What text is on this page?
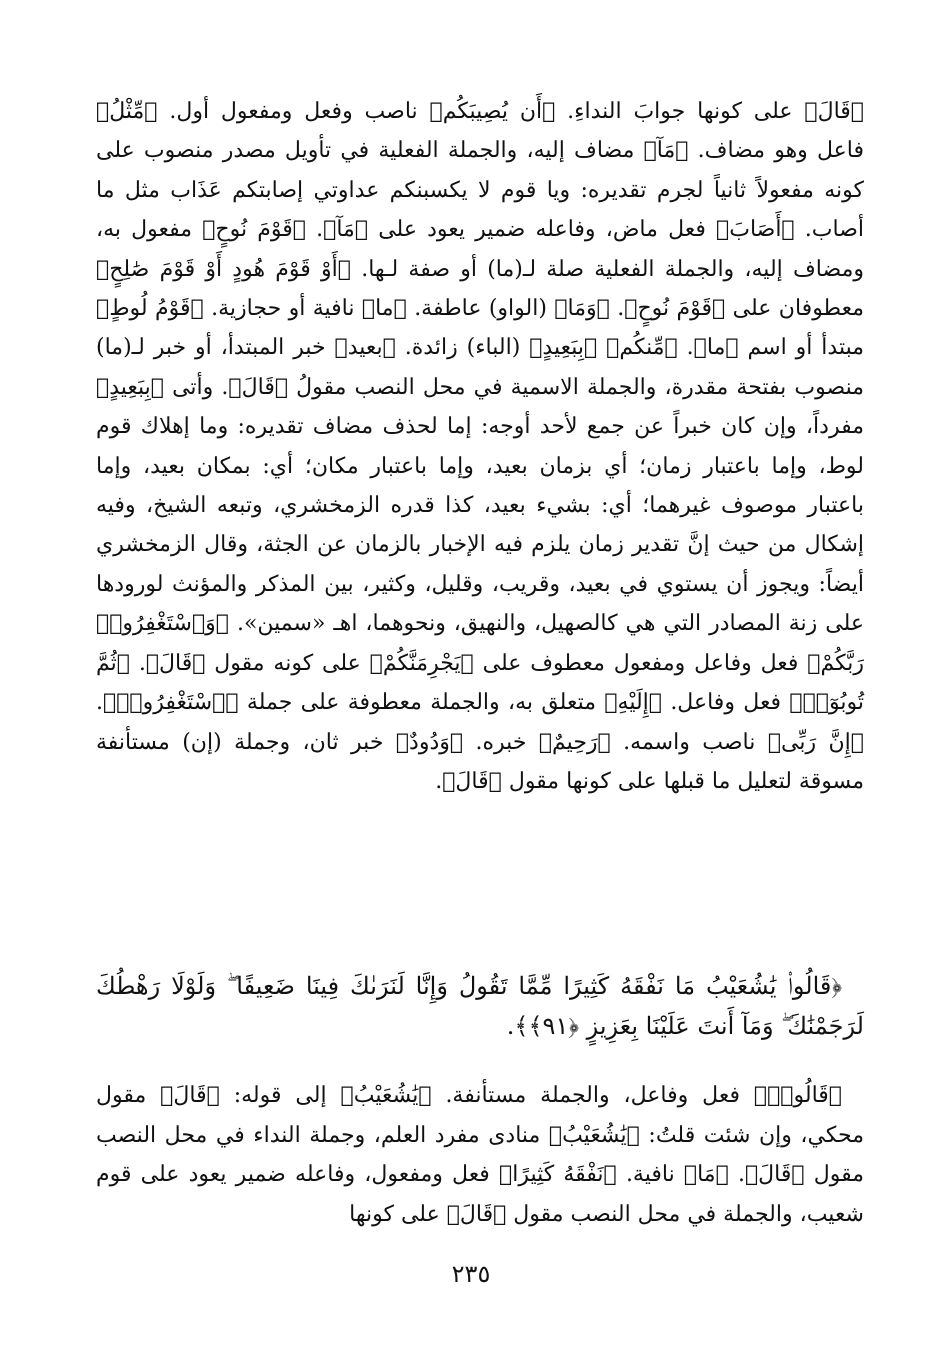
﴿قَالَ﴾ على كونها جوابَ النداءِ. ﴿أَن يُصِيبَكُم﴾ ناصب وفعل ومفعول أول. ﴿مِّثْلُ﴾ فاعل وهو مضاف. ﴿مَآ﴾ مضاف إليه، والجملة الفعلية في تأويل مصدر منصوب على كونه مفعولاً ثانياً لجرم تقديره: ويا قوم لا يكسبنكم عداوتي إصابتكم عَذَاب مثل ما أصاب. ﴿أَصَابَ﴾ فعل ماض، وفاعله ضمير يعود على ﴿مَآ﴾. ﴿قَوْمَ نُوحٍ﴾ مفعول به، ومضاف إليه، والجملة الفعلية صلة لـ(ما) أو صفة لـها. ﴿أَوْ قَوْمَ هُودٍ أَوْ قَوْمَ صَٰلِحٍ﴾ معطوفان على ﴿قَوْمَ نُوحٍ﴾. ﴿وَمَا﴾ (الواو) عاطفة. ﴿ما﴾ نافية أو حجازية. ﴿قَوْمُ لُوطٍ﴾ مبتدأ أو اسم ﴿ما﴾. ﴿مِّنكُم﴾ ﴿بِبَعِيدٍ﴾ (الباء) زائدة. ﴿بعيد﴾ خبر المبتدأ، أو خبر لـ(ما) منصوب بفتحة مقدرة، والجملة الاسمية في محل النصب مقولُ ﴿قَالَ﴾. وأتى ﴿بِبَعِيدٍ﴾ مفرداً، وإن كان خبراً عن جمع لأحد أوجه: إما لحذف مضاف تقديره: وما إهلاك قوم لوط، وإما باعتبار زمان؛ أي بزمان بعيد، وإما باعتبار مكان؛ أي: بمكان بعيد، وإما باعتبار موصوف غيرهما؛ أي: بشيء بعيد، كذا قدره الزمخشري، وتبعه الشيخ، وفيه إشكال من حيث إنَّ تقدير زمان يلزم فيه الإخبار بالزمان عن الجثة، وقال الزمخشري أيضاً: ويجوز أن يستوي في بعيد، وقريب، وقليل، وكثير، بين المذكر والمؤنث لورودها على زنة المصادر التي هي كالصهيل، والنهيق، ونحوهما، اهـ «سمين». ﴿وَٱسْتَغْفِرُوا۟ رَبَّكُمْ﴾ فعل وفاعل ومفعول معطوف على ﴿يَجْرِمَنَّكُمْ﴾ على كونه مقول ﴿قَالَ﴾. ﴿ثُمَّ تُوبُوٓا۟﴾ فعل وفاعل. ﴿إِلَيْهِ﴾ متعلق به، والجملة معطوفة على جملة ﴿ٱسْتَغْفِرُوا۟﴾. ﴿إِنَّ رَبِّى﴾ ناصب واسمه. ﴿رَحِيمٌ﴾ خبره. ﴿وَدُودٌ﴾ خبر ثان، وجملة (إن) مستأنفة مسوقة لتعليل ما قبلها على كونها مقول ﴿قَالَ﴾.

﴿قَالُوا۟ يَٰشُعَيْبُ مَا نَفْقَهُ كَثِيرًا مِّمَّا تَقُولُ وَإِنَّا لَنَرَىٰكَ فِينَا ضَعِيفًا ۖ وَلَوْلَا رَهْطُكَ لَرَجَمْنَٰكَ ۖ وَمَآ أَنتَ عَلَيْنَا بِعَزِيزٍ ﴿٩١﴾﴾.

﴿قَالُوا۟﴾ فعل وفاعل، والجملة مستأنفة. ﴿يَٰشُعَيْبُ﴾ إلى قوله: ﴿قَالَ﴾ مقول محكي، وإن شئت قلتُ: ﴿يَٰشُعَيْبُ﴾ منادى مفرد العلم، وجملة النداء في محل النصب مقول ﴿قَالَ﴾. ﴿مَا﴾ نافية. ﴿نَفْقَهُ كَثِيرًا﴾ فعل ومفعول، وفاعله ضمير يعود على قوم شعيب، والجملة في محل النصب مقول ﴿قَالَ﴾ على كونها

٢٣٥
